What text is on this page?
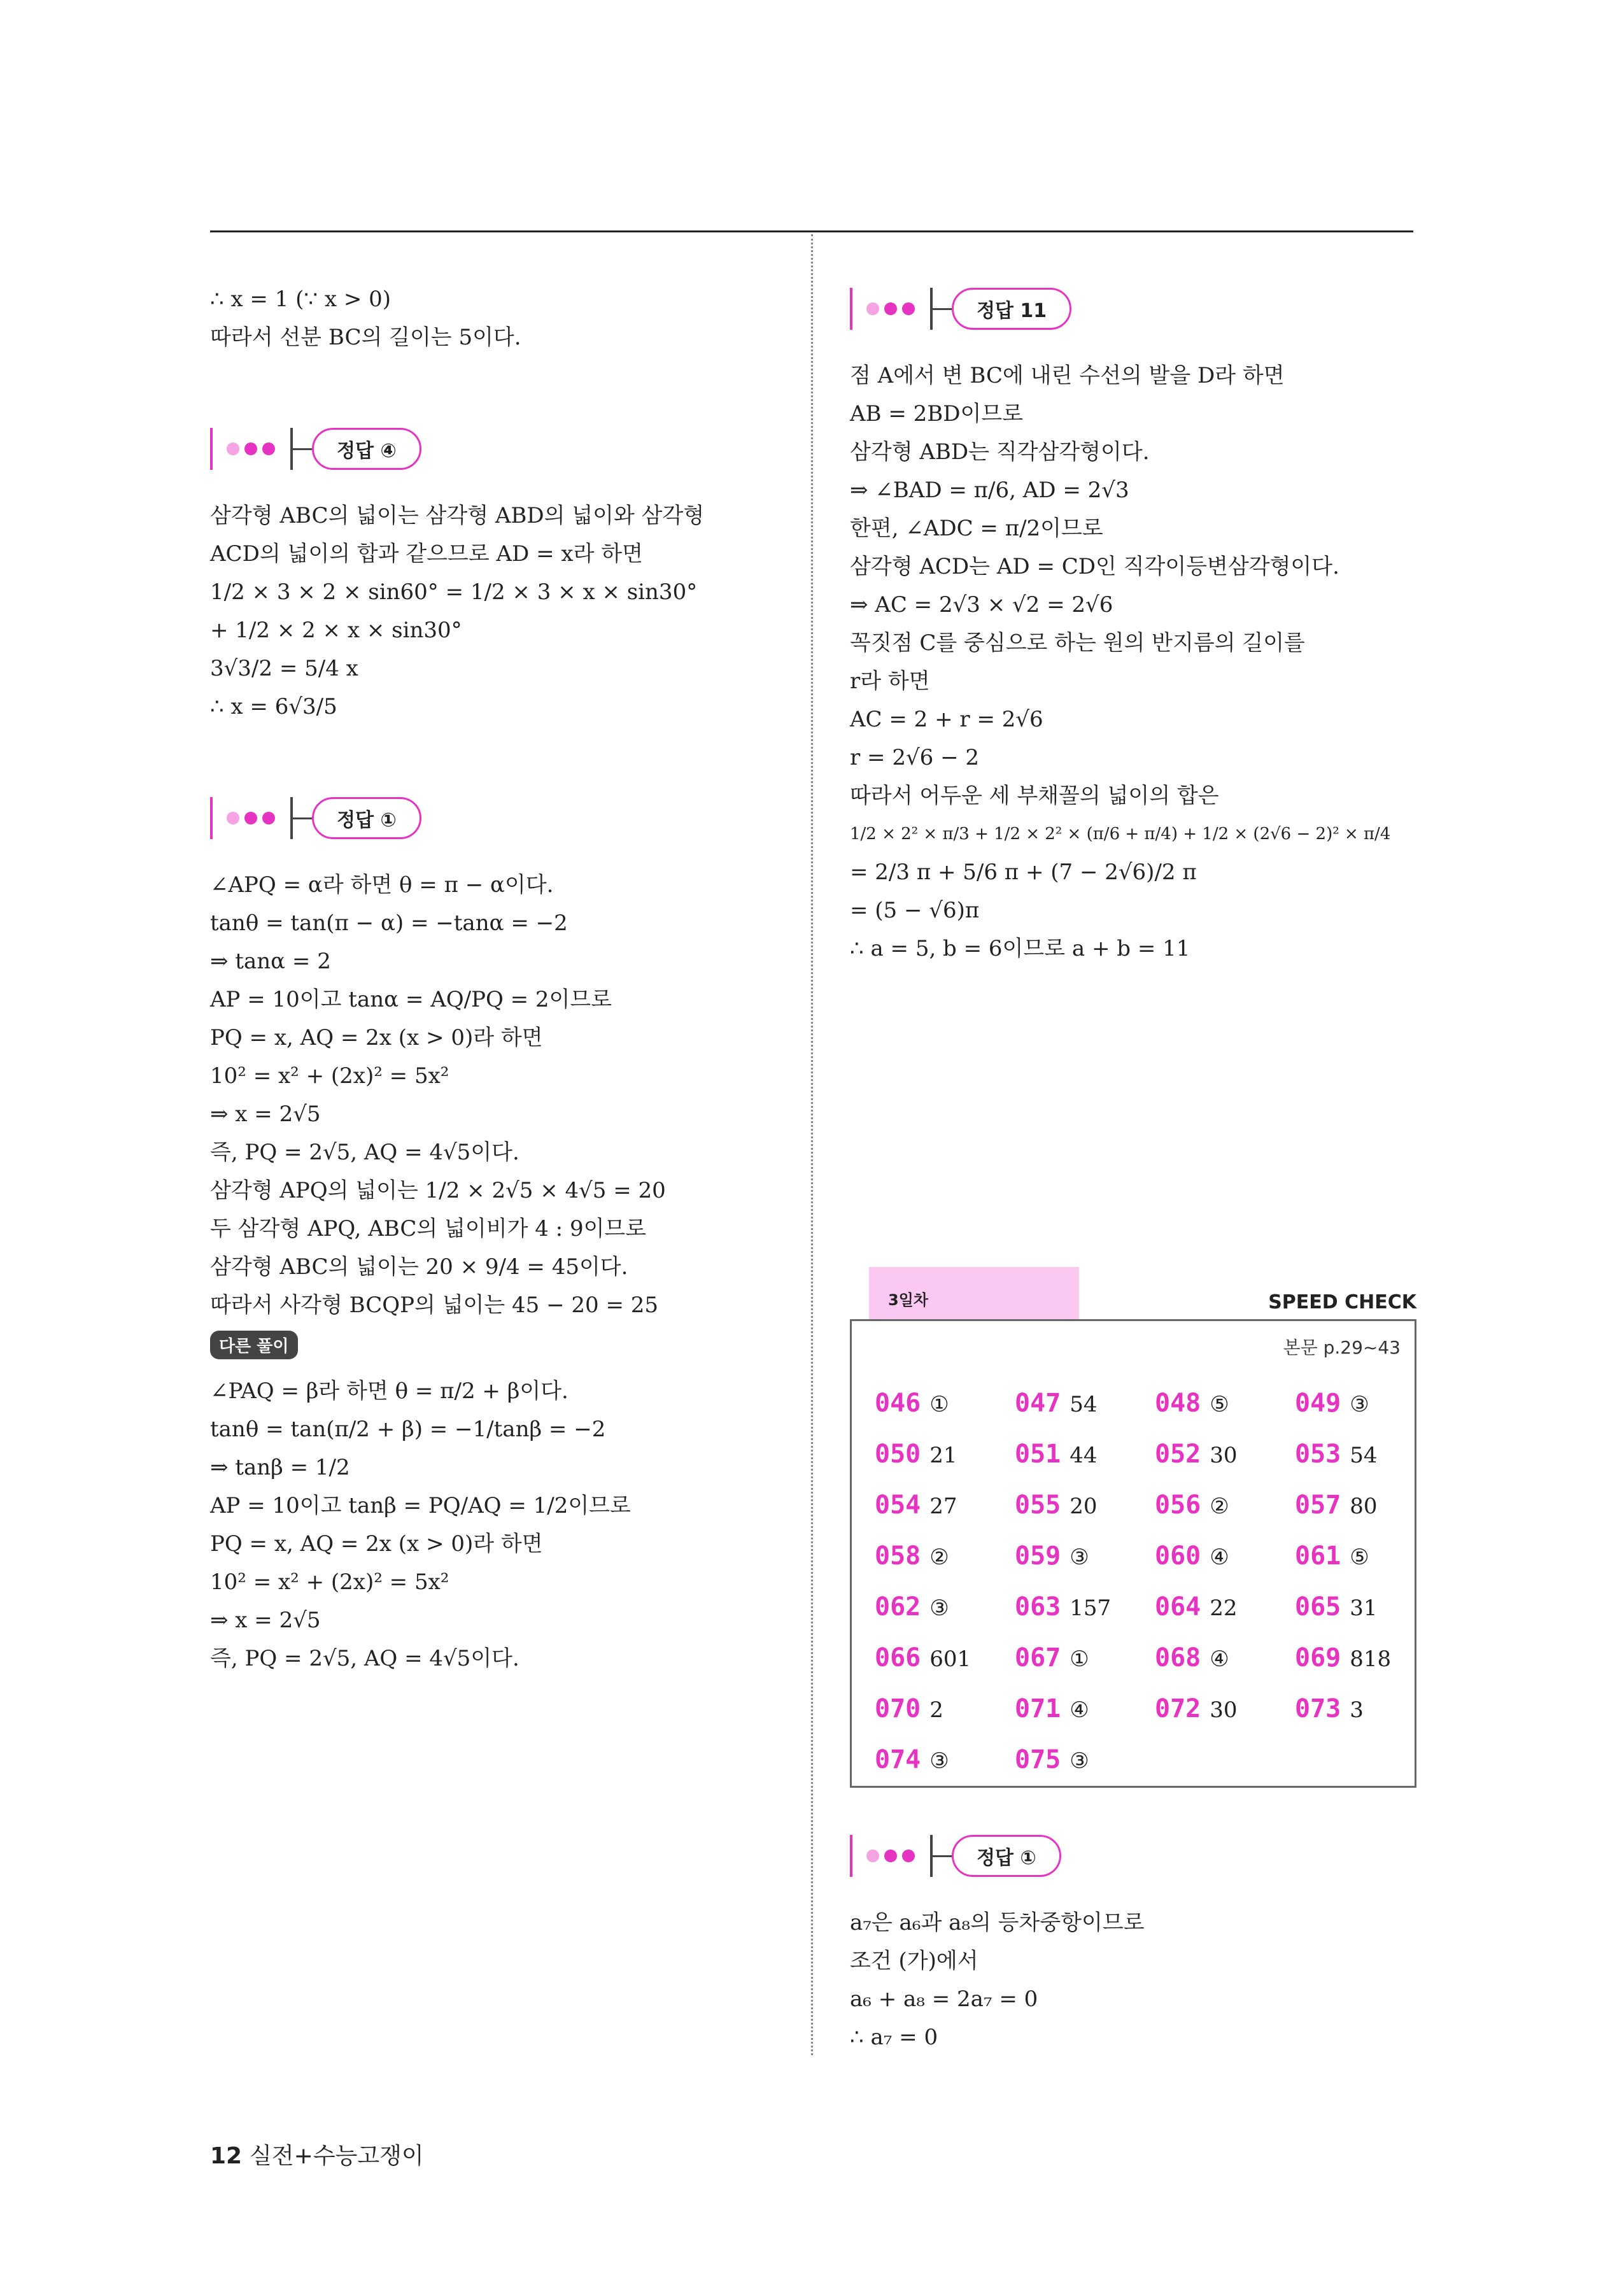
∴ x = 1 (∵ x > 0)
따라서 선분 BC의 길이는 5이다.
정답 ④
삼각형 ABC의 넓이는 삼각형 ABD의 넓이와 삼각형
ACD의 넓이의 합과 같으므로 AD = x라 하면
1/2 × 3 × 2 × sin60° = 1/2 × 3 × x × sin30°
+ 1/2 × 2 × x × sin30°
3√3/2 = 5/4 x
∴ x = 6√3/5
정답 ①
∠APQ = α라 하면 θ = π − α이다.
tanθ = tan(π − α) = −tanα = −2
⇒ tanα = 2
AP = 10이고 tanα = AQ/PQ = 2이므로
PQ = x, AQ = 2x (x > 0)라 하면
10² = x² + (2x)² = 5x²
⇒ x = 2√5
즉, PQ = 2√5, AQ = 4√5이다.
삼각형 APQ의 넓이는 1/2 × 2√5 × 4√5 = 20
두 삼각형 APQ, ABC의 넓이비가 4 : 9이므로
삼각형 ABC의 넓이는 20 × 9/4 = 45이다.
따라서 사각형 BCQP의 넓이는 45 − 20 = 25
다른 풀이
∠PAQ = β라 하면 θ = π/2 + β이다.
tanθ = tan(π/2 + β) = −1/tanβ = −2
⇒ tanβ = 1/2
AP = 10이고 tanβ = PQ/AQ = 1/2이므로
PQ = x, AQ = 2x (x > 0)라 하면
10² = x² + (2x)² = 5x²
⇒ x = 2√5
즉, PQ = 2√5, AQ = 4√5이다.
정답 11
점 A에서 변 BC에 내린 수선의 발을 D라 하면
AB = 2BD이므로
삼각형 ABD는 직각삼각형이다.
⇒ ∠BAD = π/6, AD = 2√3
한편, ∠ADC = π/2이므로
삼각형 ACD는 AD = CD인 직각이등변삼각형이다.
⇒ AC = 2√3 × √2 = 2√6
꼭짓점 C를 중심으로 하는 원의 반지름의 길이를
r라 하면
AC = 2 + r = 2√6
r = 2√6 − 2
따라서 어두운 세 부채꼴의 넓이의 합은
1/2 × 2² × π/3 + 1/2 × 2² × (π/6 + π/4) + 1/2 × (2√6 − 2)² × π/4
= 2/3 π + 5/6 π + (7 − 2√6)/2 π
= (5 − √6)π
∴ a = 5, b = 6이므로 a + b = 11
3일차	SPEED CHECK
본문 p.29~43
046 ①	047 54	048 ⑤	049 ③
050 21	051 44	052 30	053 54
054 27	055 20	056 ②	057 80
058 ②	059 ③	060 ④	061 ⑤
062 ③	063 157	064 22	065 31
066 601	067 ①	068 ④	069 818
070 2	071 ④	072 30	073 3
074 ③	075 ③
정답 ①
a₇은 a₆과 a₈의 등차중항이므로
조건 (가)에서
a₆ + a₈ = 2a₇ = 0
∴ a₇ = 0
12 실전+수능고쟁이
